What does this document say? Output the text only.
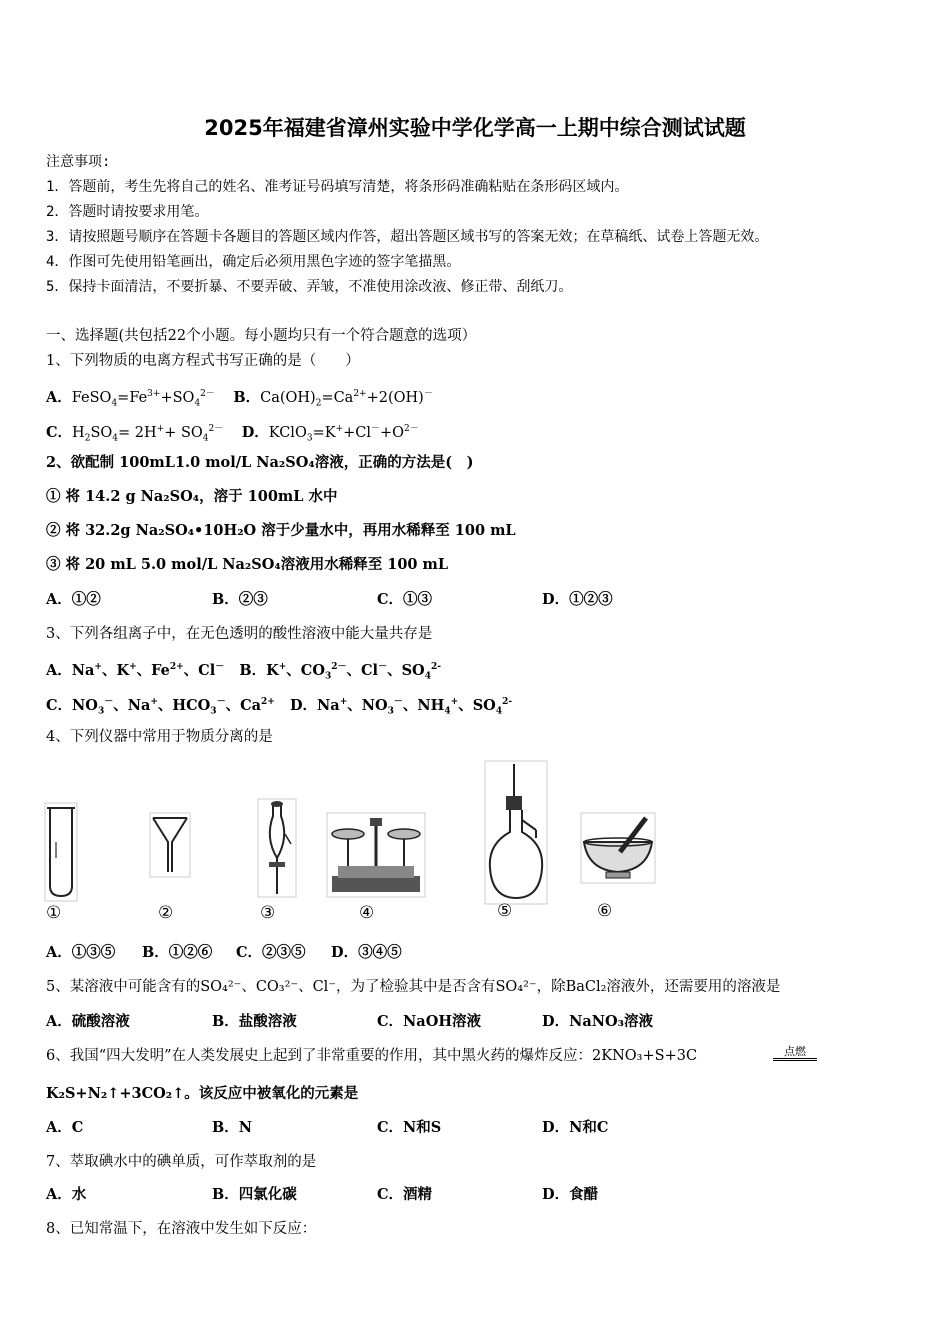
2025年福建省漳州实验中学化学高一上期中综合测试试题
注意事项:
1．答题前，考生先将自己的姓名、准考证号码填写清楚，将条形码准确粘贴在条形码区域内。
2．答题时请按要求用笔。
3．请按照题号顺序在答题卡各题目的答题区域内作答，超出答题区域书写的答案无效；在草稿纸、试卷上答题无效。
4．作图可先使用铅笔画出，确定后必须用黑色字迹的签字笔描黑。
5．保持卡面清洁，不要折暴、不要弄破、弄皱，不准使用涂改液、修正带、刮纸刀。
一、选择题(共包括22个小题。每小题均只有一个符合题意的选项）
1、下列物质的电离方程式书写正确的是（　　）
A．$FeSO_4=Fe^{3+}+SO_4^{2-}$ B．$Ca(OH)_2=Ca^{2+}+2(OH)^-$
C．$H_2SO_4= 2H^++ SO_4^{2-}$ D．$KClO_3=K^++Cl^-+O^{2-}$
2、欲配制 100mL1.0 mol/L Na₂SO₄溶液，正确的方法是(　)
① 将 14.2 g Na₂SO₄，溶于 100mL 水中
② 将 32.2g Na₂SO₄•10H₂O 溶于少量水中，再用水稀释至 100 mL
③ 将 20 mL 5.0 mol/L Na₂SO₄溶液用水稀释至 100 mL
A．①②	B．②③	C．①③	D．①②③
3、下列各组离子中，在无色透明的酸性溶液中能大量共存是
A．Na+、K+、$Fe^{2+}$、Cl－   B．K+、$CO_3^{2-}$、Cl－、$SO_4^{2-}$
C．$NO_3^-$、Na+、$HCO_3^-$、$Ca^{2+}$   D．Na+、$NO_3^-$、$NH_4^+$、$SO_4^{2-}$
4、下列仪器中常用于物质分离的是
①	②	③	④	⑤	⑥
A．①③⑤ B．①②⑥ C．②③⑤ D．③④⑤
5、某溶液中可能含有的SO₄²⁻、CO₃²⁻、Cl⁻，为了检验其中是否含有SO₄²⁻，除BaCl₂溶液外，还需要用的溶液是
A．硫酸溶液	B．盐酸溶液	C．NaOH溶液	D．NaNO₃溶液
6、我国“四大发明”在人类发展史上起到了非常重要的作用，其中黑火药的爆炸反应：2KNO₃+S+3C	点燃
K₂S+N₂↑+3CO₂↑。该反应中被氧化的元素是
A．C	B．N	C．N和S	D．N和C
7、萃取碘水中的碘单质，可作萃取剂的是
A．水	B．四氯化碳	C．酒精	D．食醋
8、已知常温下，在溶液中发生如下反应：
